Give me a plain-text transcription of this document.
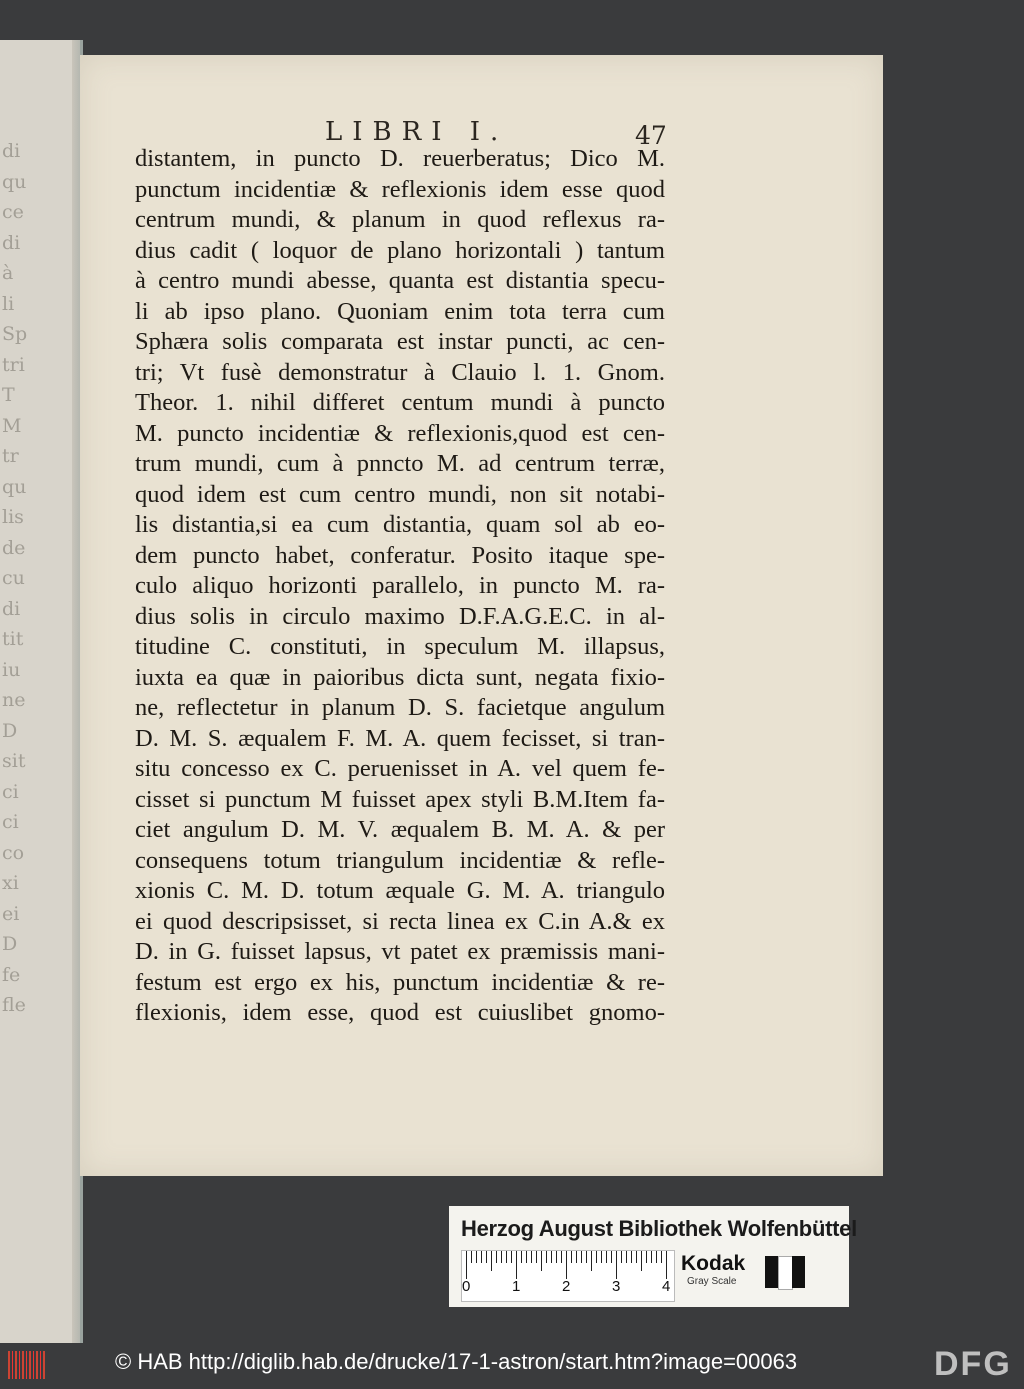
di
qu
ce
di
à
li
Sp
tri
T
M
tr
qu
lis
de
cu
di
tit
iu
ne
D
sit
ci
ci
co
xi
ei
D
fe
fle
LIBRI I.	47
distantem, in puncto D. reuerberatus; Dico M.
punctum incidentiæ & reflexionis idem esse quod
centrum mundi, & planum in quod reflexus ra-
dius cadit ( loquor de plano horizontali ) tantum
à centro mundi abesse, quanta est distantia specu-
li ab ipso plano. Quoniam enim tota terra cum
Sphæra solis comparata est instar puncti, ac cen-
tri; Vt fusè demonstratur à Clauio l. 1. Gnom.
Theor. 1. nihil differet centum mundi à puncto
M. puncto incidentiæ & reflexionis,quod est cen-
trum mundi, cum à pnncto M. ad centrum terræ,
quod idem est cum centro mundi, non sit notabi-
lis distantia,si ea cum distantia, quam sol ab eo-
dem puncto habet, conferatur. Posito itaque spe-
culo aliquo horizonti parallelo, in puncto M. ra-
dius solis in circulo maximo D.F.A.G.E.C. in al-
titudine C. constituti, in speculum M. illapsus,
iuxta ea quæ in paioribus dicta sunt, negata fixio-
ne, reflectetur in planum D. S. facietque angulum
D. M. S. æqualem F. M. A. quem fecisset, si tran-
situ concesso ex C. peruenisset in A. vel quem fe-
cisset si punctum M fuisset apex styli B.M.Item fa-
ciet angulum D. M. V. æqualem B. M. A. & per
consequens totum triangulum incidentiæ & refle-
xionis C. M. D. totum æquale G. M. A. triangulo
ei quod descripsisset, si recta linea ex C.in A.& ex
D. in G. fuisset lapsus, vt patet ex præmissis mani-
festum est ergo ex his, punctum incidentiæ & re-
flexionis, idem esse, quod est cuiuslibet gnomo-
Herzog August Bibliothek Wolfenbüttel
0	1	2	3	4
Kodak
Gray Scale
© HAB http://diglib.hab.de/drucke/17-1-astron/start.htm?image=00063	DFG
